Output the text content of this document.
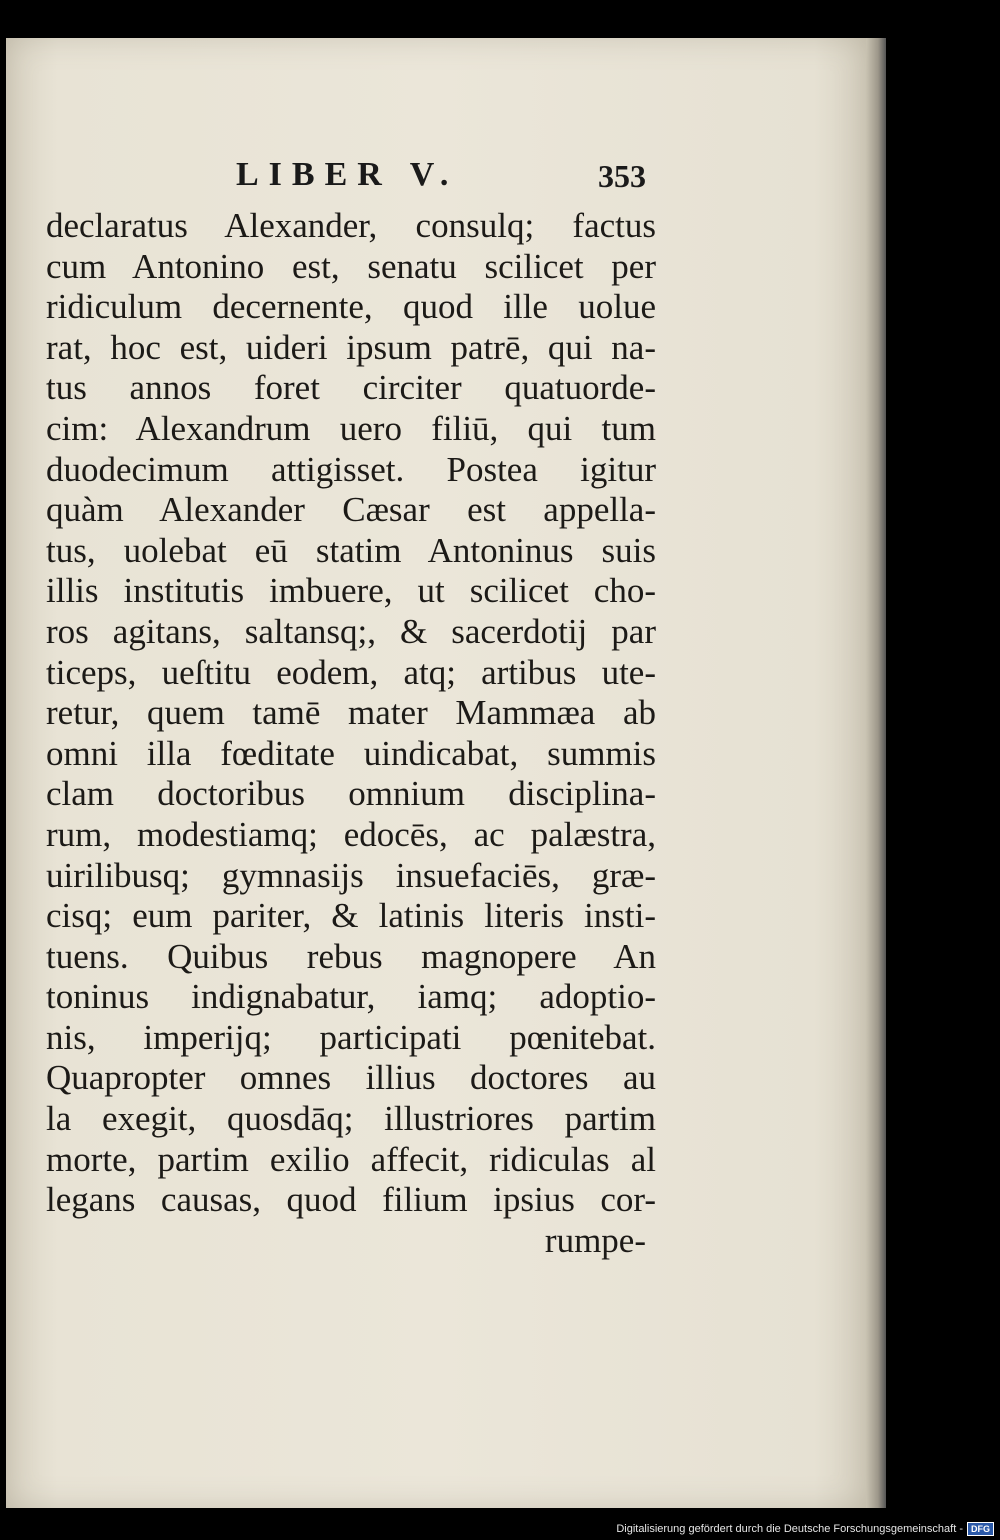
LIBER V.	353
declaratus Alexander, consulq; factus
cum Antonino est, senatu scilicet per
ridiculum decernente, quod ille uolue
rat, hoc est, uideri ipsum patrē, qui na-
tus annos foret circiter quatuorde-
cim: Alexandrum uero filiū, qui tum
duodecimum attigisset. Postea igitur
quàm Alexander Cæsar est appella-
tus, uolebat eū statim Antoninus suis
illis institutis imbuere, ut scilicet cho-
ros agitans, saltansq;, & sacerdotij par
ticeps, ueſtitu eodem, atq; artibus ute-
retur, quem tamē mater Mammæa ab
omni illa fœditate uindicabat, summis
clam doctoribus omnium disciplina-
rum, modestiamq; edocēs, ac palæstra,
uirilibusq; gymnasijs insuefaciēs, græ-
cisq; eum pariter, & latinis literis insti-
tuens. Quibus rebus magnopere An
toninus indignabatur, iamq; adoptio-
nis, imperijq; participati pœnitebat.
Quapropter omnes illius doctores au
la exegit, quosdāq; illustriores partim
morte, partim exilio affecit, ridiculas al
legans causas, quod filium ipsius cor-
rumpe-
Digitalisierung gefördert durch die Deutsche Forschungsgemeinschaft - DFG
